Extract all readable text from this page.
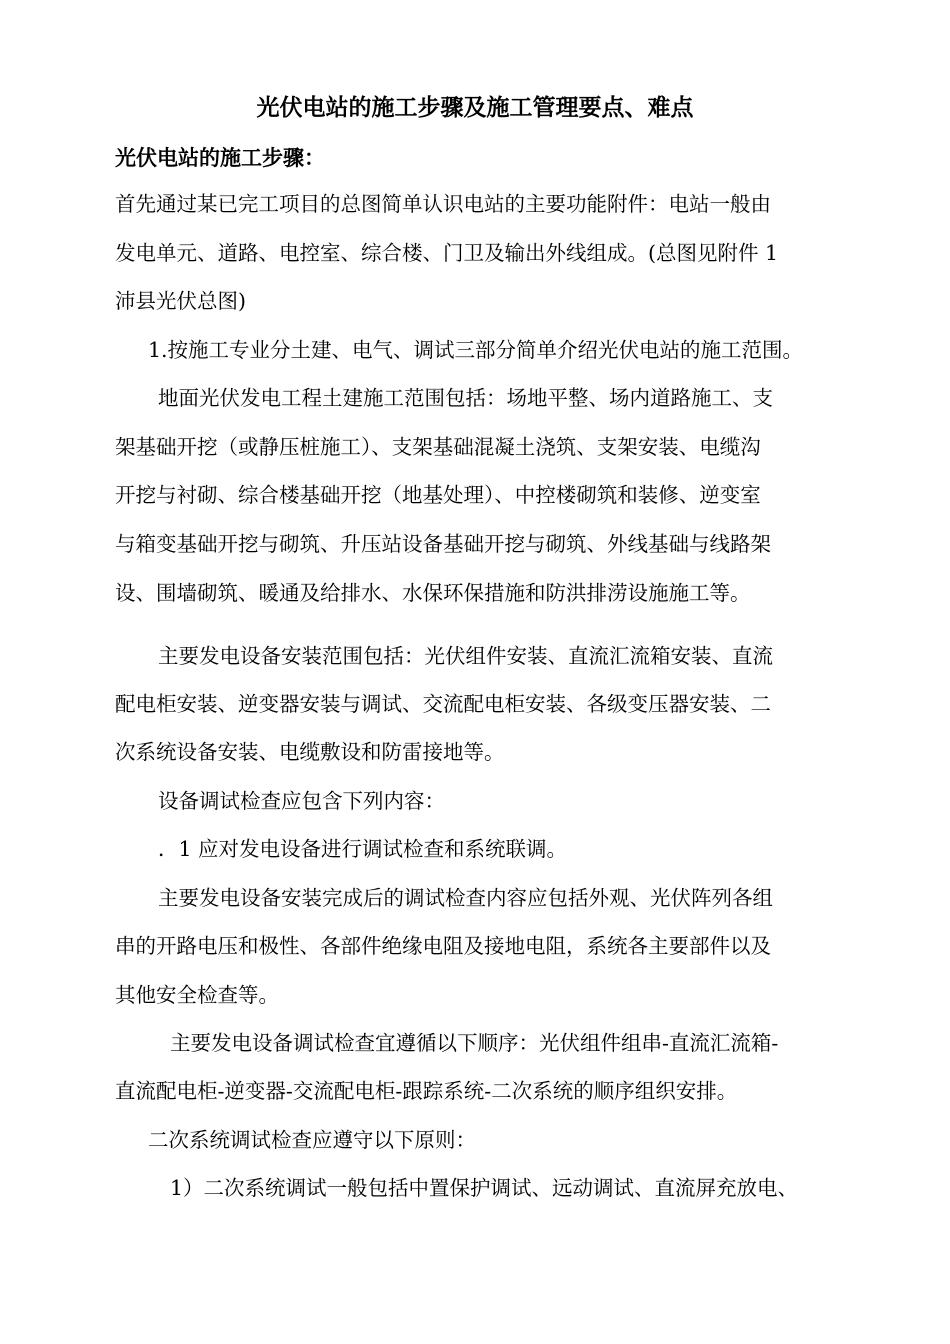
光伏电站的施工步骤及施工管理要点、难点
光伏电站的施工步骤：
首先通过某已完工项目的总图简单认识电站的主要功能附件：电站一般由
发电单元、道路、电控室、综合楼、门卫及输出外线组成。(总图见附件 1
沛县光伏总图)
1.按施工专业分土建、电气、调试三部分简单介绍光伏电站的施工范围。
地面光伏发电工程土建施工范围包括：场地平整、场内道路施工、支
架基础开挖（或静压桩施工）、支架基础混凝土浇筑、支架安装、电缆沟
开挖与衬砌、综合楼基础开挖（地基处理）、中控楼砌筑和装修、逆变室
与箱变基础开挖与砌筑、升压站设备基础开挖与砌筑、外线基础与线路架
设、围墙砌筑、暖通及给排水、水保环保措施和防洪排涝设施施工等。
主要发电设备安装范围包括：光伏组件安装、直流汇流箱安装、直流
配电柜安装、逆变器安装与调试、交流配电柜安装、各级变压器安装、二
次系统设备安装、电缆敷设和防雷接地等。
设备调试检查应包含下列内容：
．1 应对发电设备进行调试检查和系统联调。
主要发电设备安装完成后的调试检查内容应包括外观、光伏阵列各组
串的开路电压和极性、各部件绝缘电阻及接地电阻，系统各主要部件以及
其他安全检查等。
主要发电设备调试检查宜遵循以下顺序：光伏组件组串-直流汇流箱-
直流配电柜-逆变器-交流配电柜-跟踪系统-二次系统的顺序组织安排。
二次系统调试检查应遵守以下原则：
1）二次系统调试一般包括中置保护调试、远动调试、直流屏充放电、
